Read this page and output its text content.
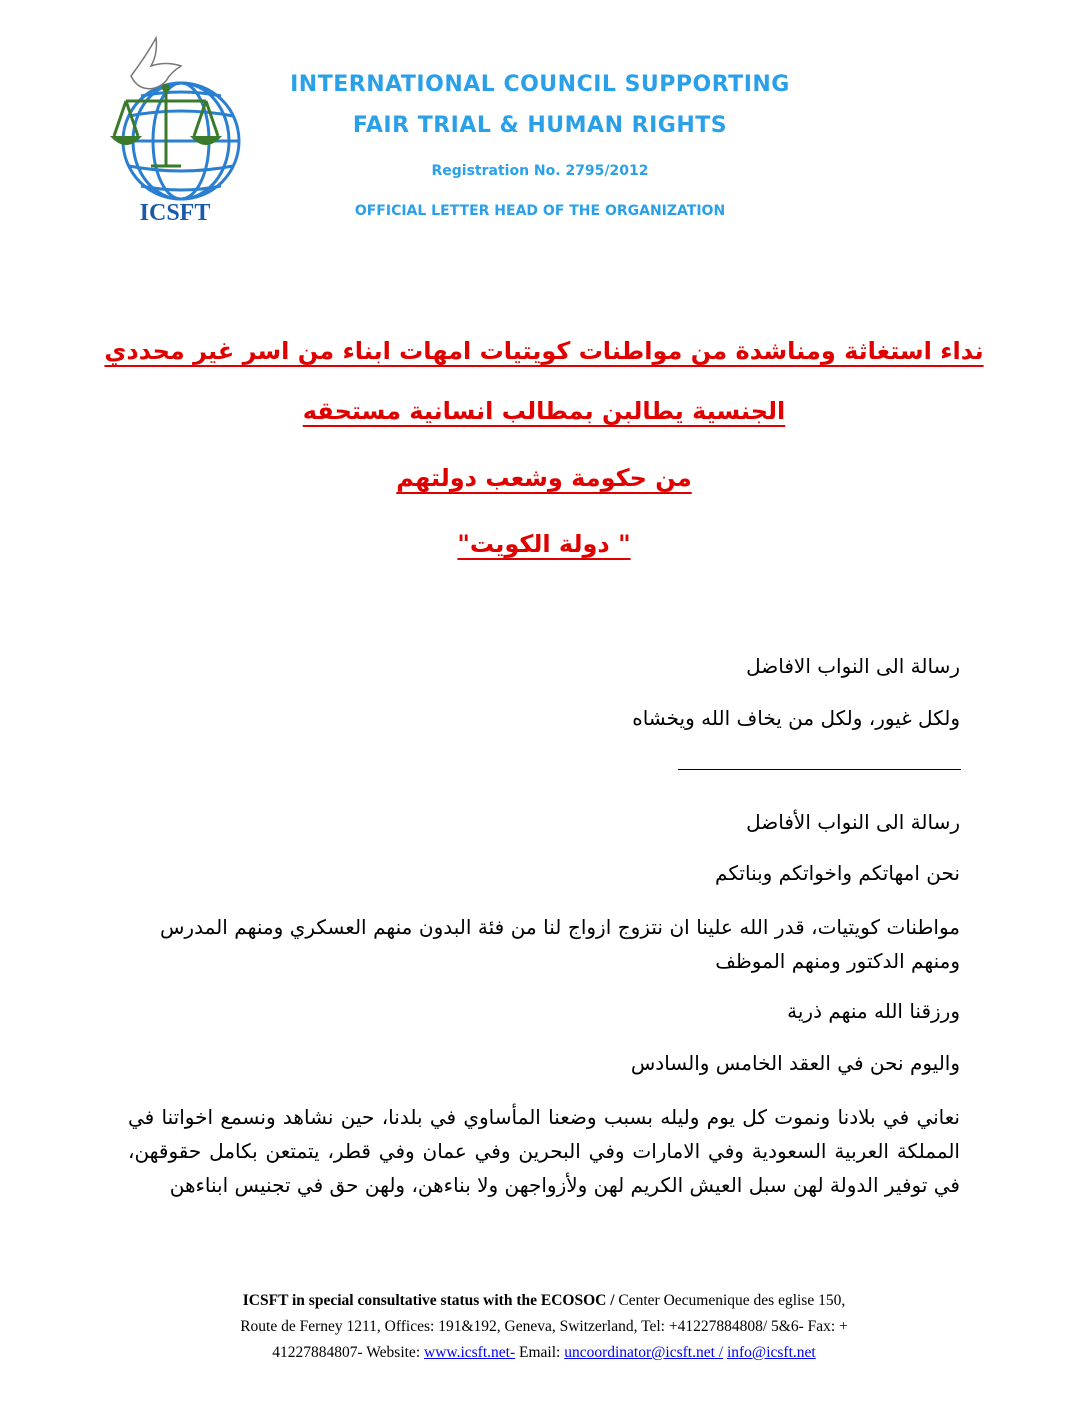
ICSFT
INTERNATIONAL COUNCIL SUPPORTING
FAIR TRIAL & HUMAN RIGHTS
Registration No. 2795/2012
OFFICIAL LETTER HEAD OF THE ORGANIZATION
نداء استغاثة ومناشدة من مواطنات كويتيات امهات ابناء من اسر غير محددي
الجنسية يطالبن بمطالب انسانية مستحقه
من حكومة وشعب دولتهم
" دولة الكويت"
رسالة الى النواب الافاضل
ولكل غيور، ولكل من يخاف الله ويخشاه
رسالة الى النواب الأفاضل
نحن امهاتكم واخواتكم وبناتكم
مواطنات كويتيات، قدر الله علينا ان نتزوج ازواج لنا من فئة البدون منهم العسكري ومنهم المدرس ومنهم الدكتور ومنهم الموظف
ورزقنا الله منهم ذرية
واليوم نحن في العقد الخامس والسادس
نعاني في بلادنا ونموت كل يوم وليله بسبب وضعنا المأساوي في بلدنا، حين نشاهد ونسمع اخواتنا في المملكة العربية السعودية وفي الامارات وفي البحرين وفي عمان وفي قطر، يتمتعن بكامل حقوقهن، في توفير الدولة لهن سبل العيش الكريم لهن ولأزواجهن ولا بناءهن، ولهن حق في تجنيس ابناءهن
ICSFT in special consultative status with the ECOSOC / Center Oecumenique des eglise 150,
Route de Ferney 1211, Offices: 191&192, Geneva, Switzerland, Tel: +41227884808/ 5&6- Fax: +
41227884807- Website: www.icsft.net- Email: uncoordinator@icsft.net / info@icsft.net
